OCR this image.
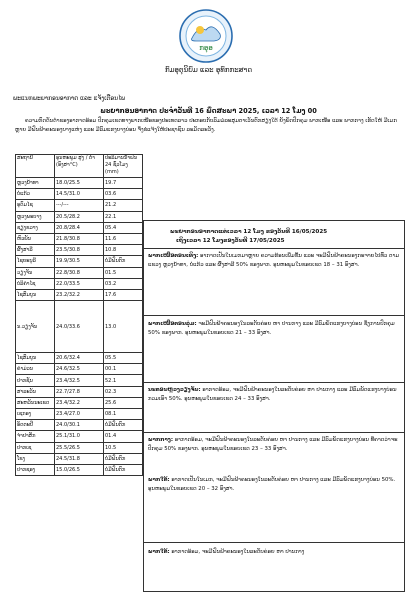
ກອຸອ
ກົມອຸຕຸນິຍົມ ແລະ ອຸທົກກະສາດ
ພະແນກພະຍາກອນອາກາດ ແລະ ແຈ້ງເຕືອນໄພ
ພະຍາກອນອາກາດ ປະຈຳວັນທີ 16 ພຶດສະພາ 2025, ເວລາ 12 ໂມງ 00
ຄວາມກົດດັນຕ່ຳຂອງອາກາດອ້ອມ ປົກຄຸມເຂດທາງພາກເໜືອຂອງປະເທດລາວ ປະກອບກັບລົມມໍລະສຸມຕາເວັນຕົກສຽງໃຕ້ ຍັງພັດປົກຄຸມ ພາກເໜືອ ແລະ ພາກກາງ ເຮັດໃຫ້ ມີເມກຫຼາຍ ມີຝົນຟ້າຄະນອງບາງແຫ່ງ ແລະ ມີລົມແຮງບາງບ່ອນ ຈຶ່ງຂໍແຈ້ງໃຫ້ປະຊາຊົນ ລະມັດລະວັງ.
ສະຖານີ	ອຸນຫະພູມ ສູງ / ຕ່ຳ (ອົງສາ°C)	ປະລິມານນ້ຳຝົນ 24 ຊົ່ວໂມງ (mm)
ຫຼວງນ້ຳທາ	18.0/25.5	19.7
ບໍ່ແກ້ວ	14.5/31.0	03.6
ອຸດົມໄຊ	---/---	21.2
ຫຼວງພະບາງ	20.5/28.2	22.1
ຊຽງຂວາງ	20.8/28.4	05.4
ຫົວພັນ	21.8/30.8	11.6
ຜົ້ງສາລີ	23.5/30.8	10.8
ໄຊຍະບູລີ	19.9/30.5	ບໍ່ມີຝົນຕົກ
ວຽງຈັນ	22.8/30.8	01.5
ບໍລິຄຳໄຊ	22.0/33.5	03.2
ໄຊສົມບູນ	23.2/32.2	17.6
ນ.ວຽງຈັນ	24.0/33.6	13.0
ໄຊສົມບູນ	20.6/32.4	05.5
ຄຳມ່ວນ	24.6/32.5	00.1
ປາກຊັນ	23.4/32.5	52.1
ສາລະວັນ	22.7/27.8	02.3
ສະຫວັນນະເຂດ	23.4/32.2	25.6
ເຊກອງ	23.4/27.0	08.1
ອັດຕະປື	24.0/30.1	ບໍ່ມີຝົນຕົກ
ຈຳປາສັກ	25.1/31.0	01.4
ປາກເຊ	25.5/26.5	10.5
ໂຂງ	24.5/31.8	ບໍ່ມີຝົນຕົກ
ປາກຊອງ	15.0/26.5	ບໍ່ມີຝົນຕົກ
ພະຍາກອນອາກາດແຕ່ເວລາ 12 ໂມງ ຂອງວັນທີ 16/05/2025
ເຖິງເວລາ 12 ໂມງຂອງວັນທີ 17/05/2025
ພາກເໜືອຕອນເທິງ: ອາກາດເປັນໃນເມກມາຫຼາຍ ຄວາມຮ້ອນເພີ່ມຂຶ້ນ ແລະ ຈະມີຝົນຟ້າຄະນອງກະຈາຍໄປທົ່ວ ຕາມແຂວງ ຫຼວງນ້ຳທາ, ບໍ່ແກ້ວ ແລະ ຜົ້ງສາລີ 50% ຂອງພາກ. ອຸນຫະພູມໃນຂອບເຂດ 18 – 31 ອົງສາ.
ພາກເໜືອຕອນລຸ່ມ: ຈະມີຝົນຟ້າຄະນອງໃນລະດັບຄ່ອຍ ຫາ ປານກາງ ແລະ ມີລົມພັດແຮງບາງບ່ອນ ຊຶ່ງການປົກຄຸມ 50% ຂອງພາກ. ອຸນຫະພູມໃນຂອບເຂດ 21 – 33 ອົງສາ.
ນະຄອນຫຼວງວຽງຈັນ: ອາກາດອ້ອມ, ຈະມີຝົນຟ້າຄະນອງໃນລະດັບຄ່ອຍ ຫາ ປານກາງ ແລະ ມີລົມພັດແຮງບາງບ່ອນ ກວມເອົາ 50%. ອຸນຫະພູມໃນຂອບເຂດ 24 – 33 ອົງສາ.
ພາກກາງ: ອາກາດອ້ອມ, ຈະມີຝົນຟ້າຄະນອງໃນລະດັບຄ່ອຍ ຫາ ປານກາງ ແລະ ມີລົມພັດແຮງບາງບ່ອນ ທີ່ຄາດວ່າຈະປົກຄຸມ 50% ຂອງພາກ. ອຸນຫະພູມໃນຂອບເຂດ 23 – 33 ອົງສາ.
ພາກໃຕ້: ອາກາດເປັນໃນເມກ, ຈະມີຝົນຟ້າຄະນອງໃນລະດັບຄ່ອຍ ຫາ ປານກາງ ແລະ ມີລົມພັດແຮງບາງບ່ອນ 50%. ອຸນຫະພູມໃນຂອບເຂດ 20 – 32 ອົງສາ.
ພາກໃຕ້: ອາກາດອ້ອມ, ຈະມີຝົນຟ້າຄະນອງໃນລະດັບຄ່ອຍ ຫາ ປານກາງ
